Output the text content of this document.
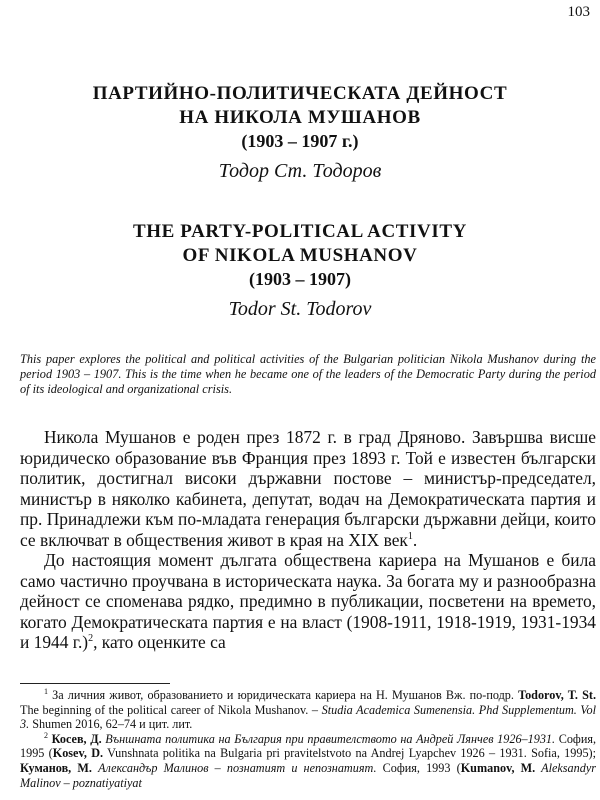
103
ПАРТИЙНО-ПОЛИТИЧЕСКАТА ДЕЙНОСТ
НА НИКОЛА МУШАНОВ
(1903 – 1907 г.)
Тодор Ст. Тодоров
THE PARTY-POLITICAL ACTIVITY
OF NIKOLA MUSHANOV
(1903 – 1907)
Todor St. Todorov
This paper explores the political and political activities of the Bulgarian politician Nikola Mushanov during the period 1903 – 1907. This is the time when he became one of the leaders of the Democratic Party during the period of its ideological and organizational crisis.

Никола Мушанов е роден през 1872 г. в град Дряново. Завършва висше юридическо образование във Франция през 1893 г. Той е известен български политик, достигнал високи държавни постове – министър-председател, министър в няколко кабинета, депутат, водач на Демократическата партия и пр. Принадлежи към по-младата генерация български държавни дейци, които се включват в обществения живот в края на XIX век$^1$.

До настоящия момент дългата обществена кариера на Мушанов е била само частично проучвана в историческата наука. За богата му и разнообразна дейност се споменава рядко, предимно в публикации, посветени на времето, когато Демократическата партия е на власт (1908-1911, 1918-1919, 1931-1934 и 1944 г.)$^2$, като оценките са

$^1$ За личния живот, образованието и юридическата кариера на Н. Мушанов Вж. по-подр. Todorov, T. St. The beginning of the political career of Nikola Mushanov. – Studia Academica Sumenensia. Phd Supplementum. Vol 3. Shumen 2016, 62–74 и цит. лит.

$^2$ Косев, Д. Външната политика на България при правителството на Андрей Лянчев 1926–1931. София, 1995 (Kosev, D. Vunshnata politika na Bulgaria pri pravitelstvoto na Andrej Lyapchev 1926 – 1931. Sofia, 1995); Куманов, М. Александър Малинов – познатият и непознатият. София, 1993 (Kumanov, M. Aleksandyr Malinov – poznatiyatiyat
